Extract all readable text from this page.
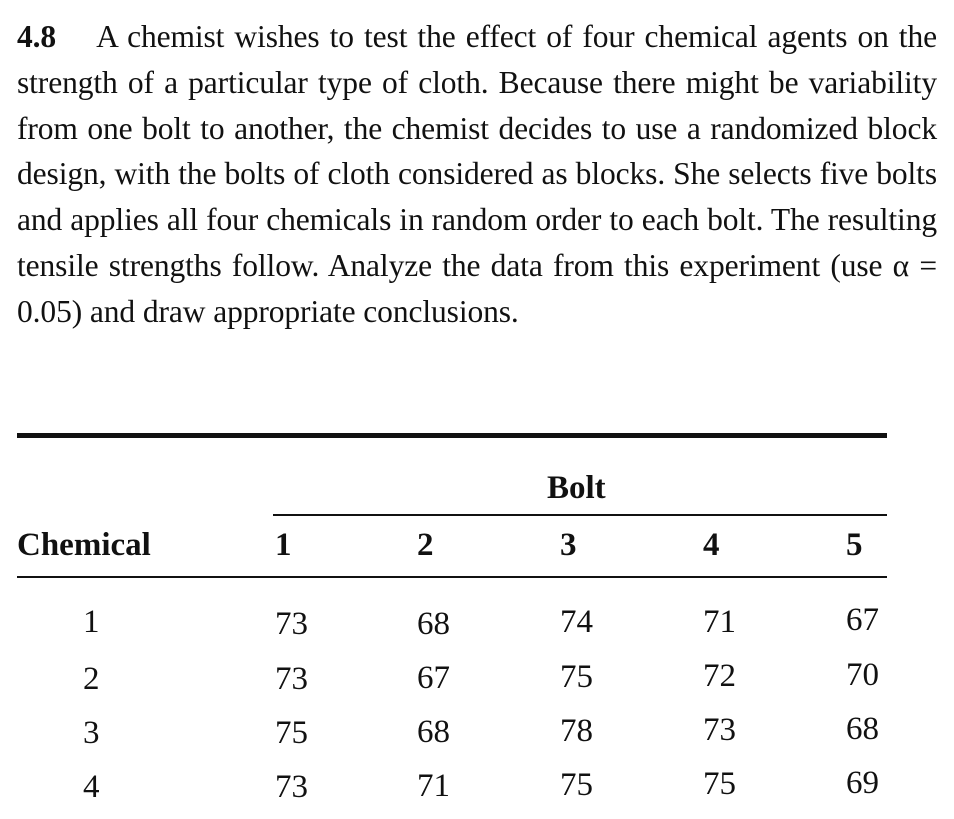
4.8 A chemist wishes to test the effect of four chemical agents on the strength of a particular type of cloth. Because there might be variability from one bolt to another, the chemist decides to use a randomized block design, with the bolts of cloth considered as blocks. She selects five bolts and applies all four chemicals in random order to each bolt. The resulting tensile strengths follow. Analyze the data from this experiment (use α = 0.05) and draw appropriate conclusions.
Bolt
Chemical	1	2	3	4	5
1	73	68	74	71	67
2	73	67	75	72	70
3	75	68	78	73	68
4	73	71	75	75	69
